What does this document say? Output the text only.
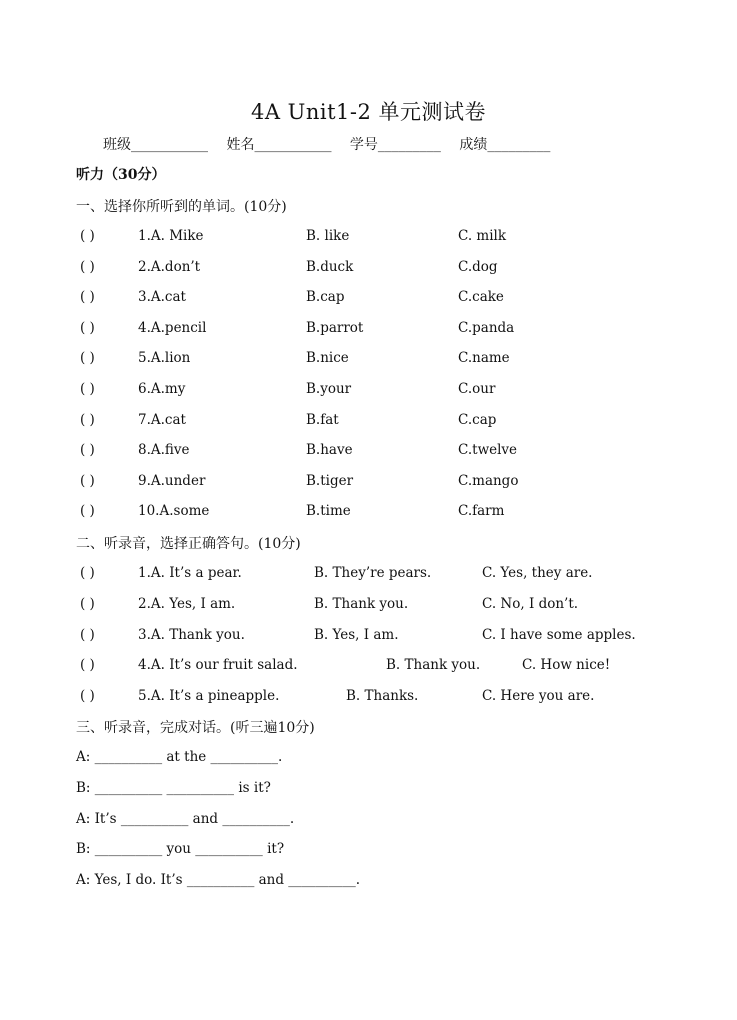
4A Unit1-2 单元测试卷
班级___________ 姓名___________ 学号_________ 成绩_________
听力（30分）
一、选择你所听到的单词。(10分)
( )	1.A. Mike	B. like	C. milk
( )	2.A.don’t	B.duck	C.dog
( )	3.A.cat	B.cap	C.cake
( )	4.A.pencil	B.parrot	C.panda
( )	5.A.lion	B.nice	C.name
( )	6.A.my	B.your	C.our
( )	7.A.cat	B.fat	C.cap
( )	8.A.five	B.have	C.twelve
( )	9.A.under	B.tiger	C.mango
( )	10.A.some	B.time	C.farm
二、听录音，选择正确答句。(10分)
( )	1.A. It’s a pear.	B. They’re pears.	C. Yes, they are.
( )	2.A. Yes, I am.	B. Thank you.	C. No, I don’t.
( )	3.A. Thank you.	B. Yes, I am.	C. I have some apples.
( )	4.A. It’s our fruit salad.	B. Thank you.	C. How nice!
( )	5.A. It’s a pineapple.	B. Thanks.	C. Here you are.
三、听录音，完成对话。(听三遍10分)
A: __________ at the __________.
B: __________ __________ is it?
A: It’s __________ and __________.
B: __________ you __________ it?
A: Yes, I do. It’s __________ and __________.
